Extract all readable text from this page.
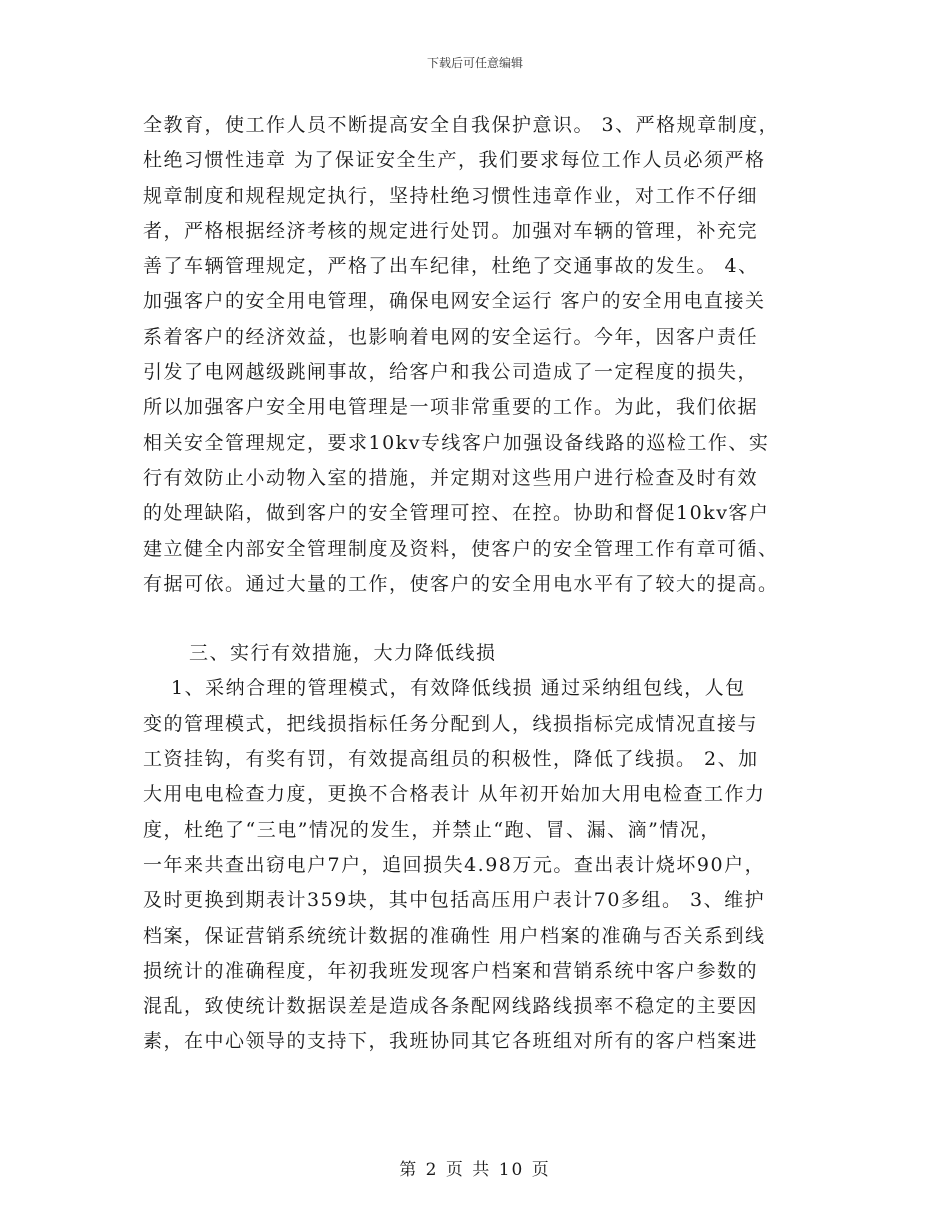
下载后可任意编辑

全教育，使工作人员不断提高安全自我保护意识。 3、严格规章制度，

杜绝习惯性违章 为了保证安全生产，我们要求每位工作人员必须严格

规章制度和规程规定执行，坚持杜绝习惯性违章作业，对工作不仔细

者，严格根据经济考核的规定进行处罚。加强对车辆的管理，补充完

善了车辆管理规定，严格了出车纪律，杜绝了交通事故的发生。 4、

加强客户的安全用电管理，确保电网安全运行 客户的安全用电直接关

系着客户的经济效益，也影响着电网的安全运行。今年，因客户责任

引发了电网越级跳闸事故，给客户和我公司造成了一定程度的损失，

所以加强客户安全用电管理是一项非常重要的工作。为此，我们依据

相关安全管理规定，要求10kv专线客户加强设备线路的巡检工作、实

行有效防止小动物入室的措施，并定期对这些用户进行检查及时有效

的处理缺陷，做到客户的安全管理可控、在控。协助和督促10kv客户

建立健全内部安全管理制度及资料，使客户的安全管理工作有章可循、

有据可依。通过大量的工作，使客户的安全用电水平有了较大的提高。

三、实行有效措施，大力降低线损

1、采纳合理的管理模式，有效降低线损 通过采纳组包线，人包

变的管理模式，把线损指标任务分配到人，线损指标完成情况直接与

工资挂钩，有奖有罚，有效提高组员的积极性，降低了线损。 2、加

大用电电检查力度，更换不合格表计 从年初开始加大用电检查工作力

度，杜绝了“三电”情况的发生，并禁止“跑、冒、漏、滴”情况，

一年来共查出窃电户7户，追回损失4.98万元。查出表计烧坏90户，

及时更换到期表计359块，其中包括高压用户表计70多组。 3、维护

档案，保证营销系统统计数据的准确性 用户档案的准确与否关系到线

损统计的准确程度，年初我班发现客户档案和营销系统中客户参数的

混乱，致使统计数据误差是造成各条配网线路线损率不稳定的主要因

素，在中心领导的支持下，我班协同其它各班组对所有的客户档案进

第 2 页 共 10 页
